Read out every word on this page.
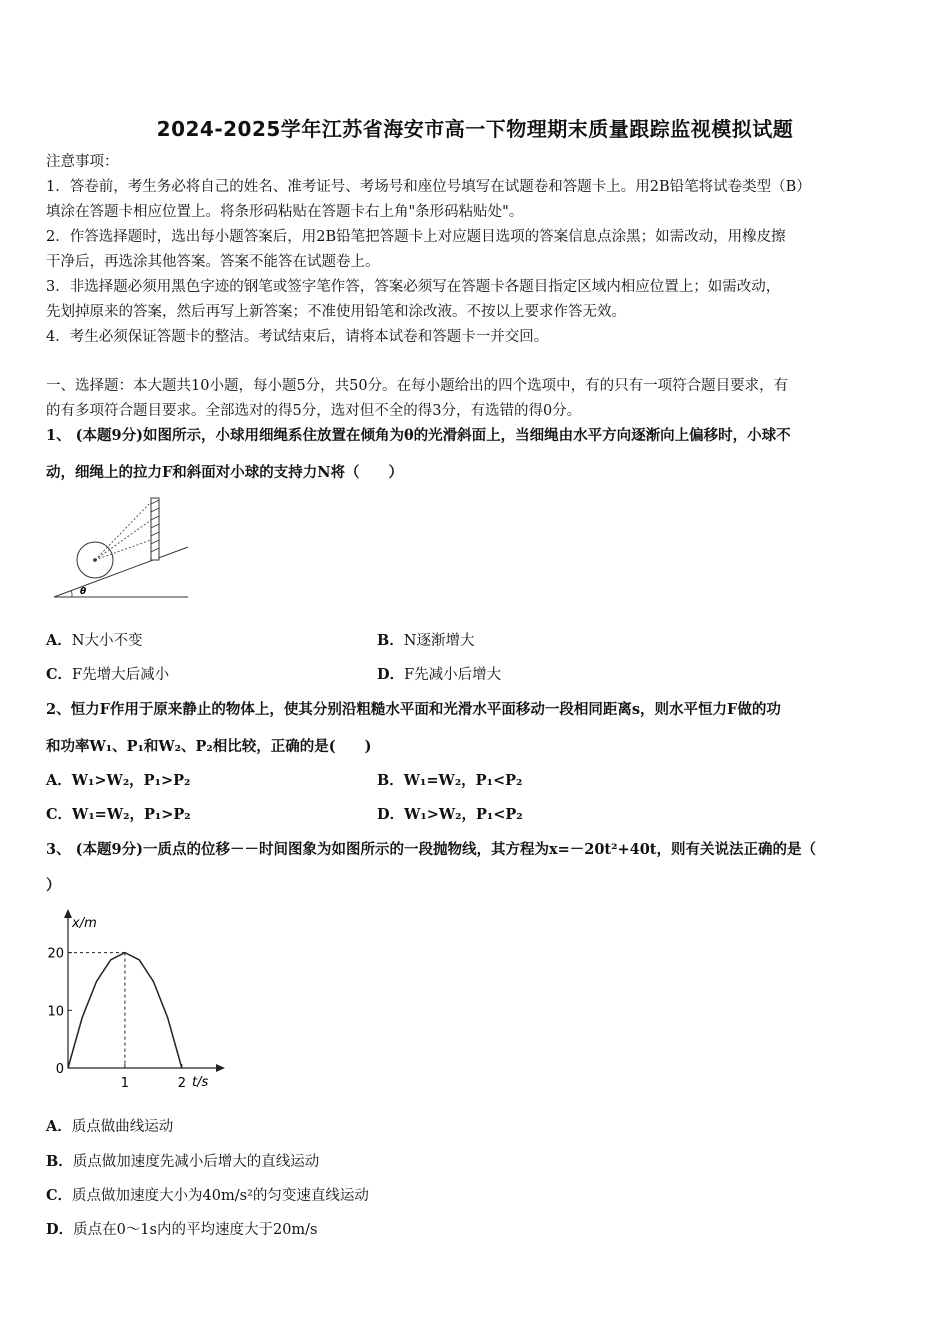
2024-2025学年江苏省海安市高一下物理期末质量跟踪监视模拟试题
注意事项：
1．答卷前，考生务必将自己的姓名、准考证号、考场号和座位号填写在试题卷和答题卡上。用2B铅笔将试卷类型（B）
填涂在答题卡相应位置上。将条形码粘贴在答题卡右上角"条形码粘贴处"。
2．作答选择题时，选出每小题答案后，用2B铅笔把答题卡上对应题目选项的答案信息点涂黑；如需改动，用橡皮擦
干净后，再选涂其他答案。答案不能答在试题卷上。
3．非选择题必须用黑色字迹的钢笔或签字笔作答，答案必须写在答题卡各题目指定区域内相应位置上；如需改动，
先划掉原来的答案，然后再写上新答案；不准使用铅笔和涂改液。不按以上要求作答无效。
4．考生必须保证答题卡的整洁。考试结束后，请将本试卷和答题卡一并交回。
一、选择题：本大题共10小题，每小题5分，共50分。在每小题给出的四个选项中，有的只有一项符合题目要求，有
的有多项符合题目要求。全部选对的得5分，选对但不全的得3分，有选错的得0分。
1、 (本题9分)如图所示，小球用细绳系住放置在倾角为θ的光滑斜面上，当细绳由水平方向逐渐向上偏移时，小球不
动，细绳上的拉力F和斜面对小球的支持力N将（　　）
θ
A．N大小不变	B．N逐渐增大
C．F先增大后减小	D．F先减小后增大
2、恒力F作用于原来静止的物体上，使其分别沿粗糙水平面和光滑水平面移动一段相同距离s，则水平恒力F做的功
和功率W₁、P₁和W₂、P₂相比较，正确的是(　　)
A．W₁>W₂，P₁>P₂	B．W₁=W₂，P₁<P₂
C．W₁=W₂，P₁>P₂	D．W₁>W₂，P₁<P₂
3、 (本题9分)一质点的位移－－时间图象为如图所示的一段抛物线，其方程为x=－20t²+40t，则有关说法正确的是（
）
10
20
0
1	2
x/m
t/s
A．质点做曲线运动
B．质点做加速度先减小后增大的直线运动
C．质点做加速度大小为40m/s²的匀变速直线运动
D．质点在0～1s内的平均速度大于20m/s
